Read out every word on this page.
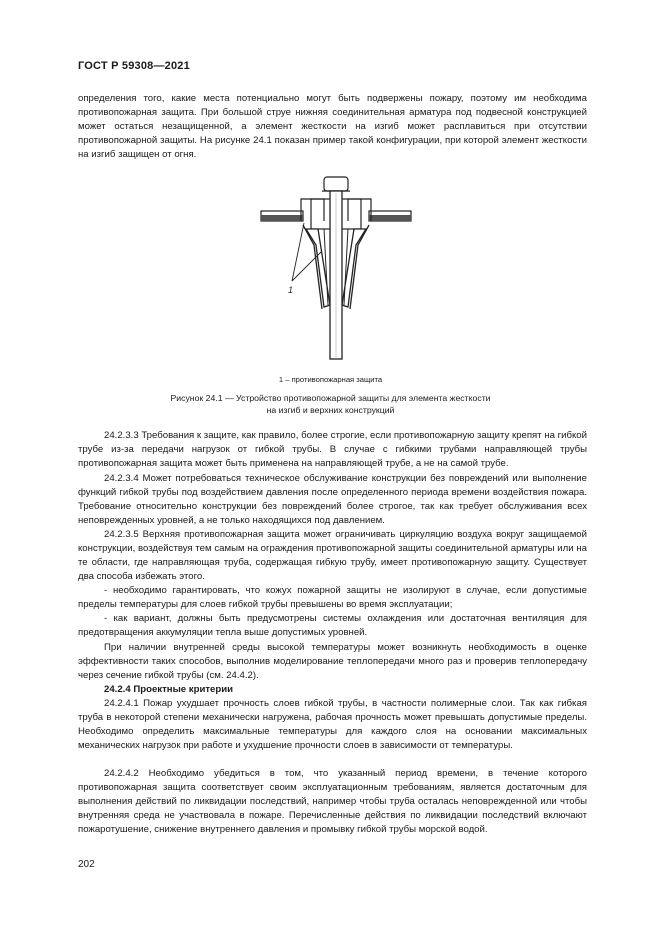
ГОСТ Р 59308—2021

определения того, какие места потенциально могут быть подвержены пожару, поэтому им необходима противопожарная защита. При большой струе нижняя соединительная арматура под подвесной конструкцией может остаться незащищенной, а элемент жесткости на изгиб может расплавиться при отсутствии противопожарной защиты. На рисунке 24.1 показан пример такой конфигурации, при которой элемент жесткости на изгиб защищен от огня.

1
1 – противопожарная защита
Рисунок 24.1 — Устройство противопожарной защиты для элемента жесткости
на изгиб и верхних конструкций

24.2.3.3 Требования к защите, как правило, более строгие, если противопожарную защиту крепят на гибкой трубе из-за передачи нагрузок от гибкой трубы. В случае с гибкими трубами направляющей трубы противопожарная защита может быть применена на направляющей трубе, а не на самой трубе.

24.2.3.4 Может потребоваться техническое обслуживание конструкции без повреждений или выполнение функций гибкой трубы под воздействием давления после определенного периода времени воздействия пожара. Требование относительно конструкции без повреждений более строгое, так как требует обслуживания всех неповрежденных уровней, а не только находящихся под давлением.

24.2.3.5 Верхняя противопожарная защита может ограничивать циркуляцию воздуха вокруг защищаемой конструкции, воздействуя тем самым на ограждения противопожарной защиты соединительной арматуры или на те области, где направляющая труба, содержащая гибкую трубу, имеет противопожарную защиту. Существует два способа избежать этого.

- необходимо гарантировать, что кожух пожарной защиты не изолируют в случае, если допустимые пределы температуры для слоев гибкой трубы превышены во время эксплуатации;

- как вариант, должны быть предусмотрены системы охлаждения или достаточная вентиляция для предотвращения аккумуляции тепла выше допустимых уровней.

При наличии внутренней среды высокой температуры может возникнуть необходимость в оценке эффективности таких способов, выполнив моделирование теплопередачи много раз и проверив теплопередачу через сечение гибкой трубы (см. 24.4.2).

24.2.4 Проектные критерии

24.2.4.1 Пожар ухудшает прочность слоев гибкой трубы, в частности полимерные слои. Так как гибкая труба в некоторой степени механически нагружена, рабочая прочность может превышать допустимые пределы. Необходимо определить максимальные температуры для каждого слоя на основании максимальных механических нагрузок при работе и ухудшение прочности слоев в зависимости от температуры.

24.2.4.2 Необходимо убедиться в том, что указанный период времени, в течение которого противопожарная защита соответствует своим эксплуатационным требованиям, является достаточным для выполнения действий по ликвидации последствий, например чтобы труба осталась неповрежденной или чтобы внутренняя среда не участвовала в пожаре. Перечисленные действия по ликвидации последствий включают пожаротушение, снижение внутреннего давления и промывку гибкой трубы морской водой.

202
